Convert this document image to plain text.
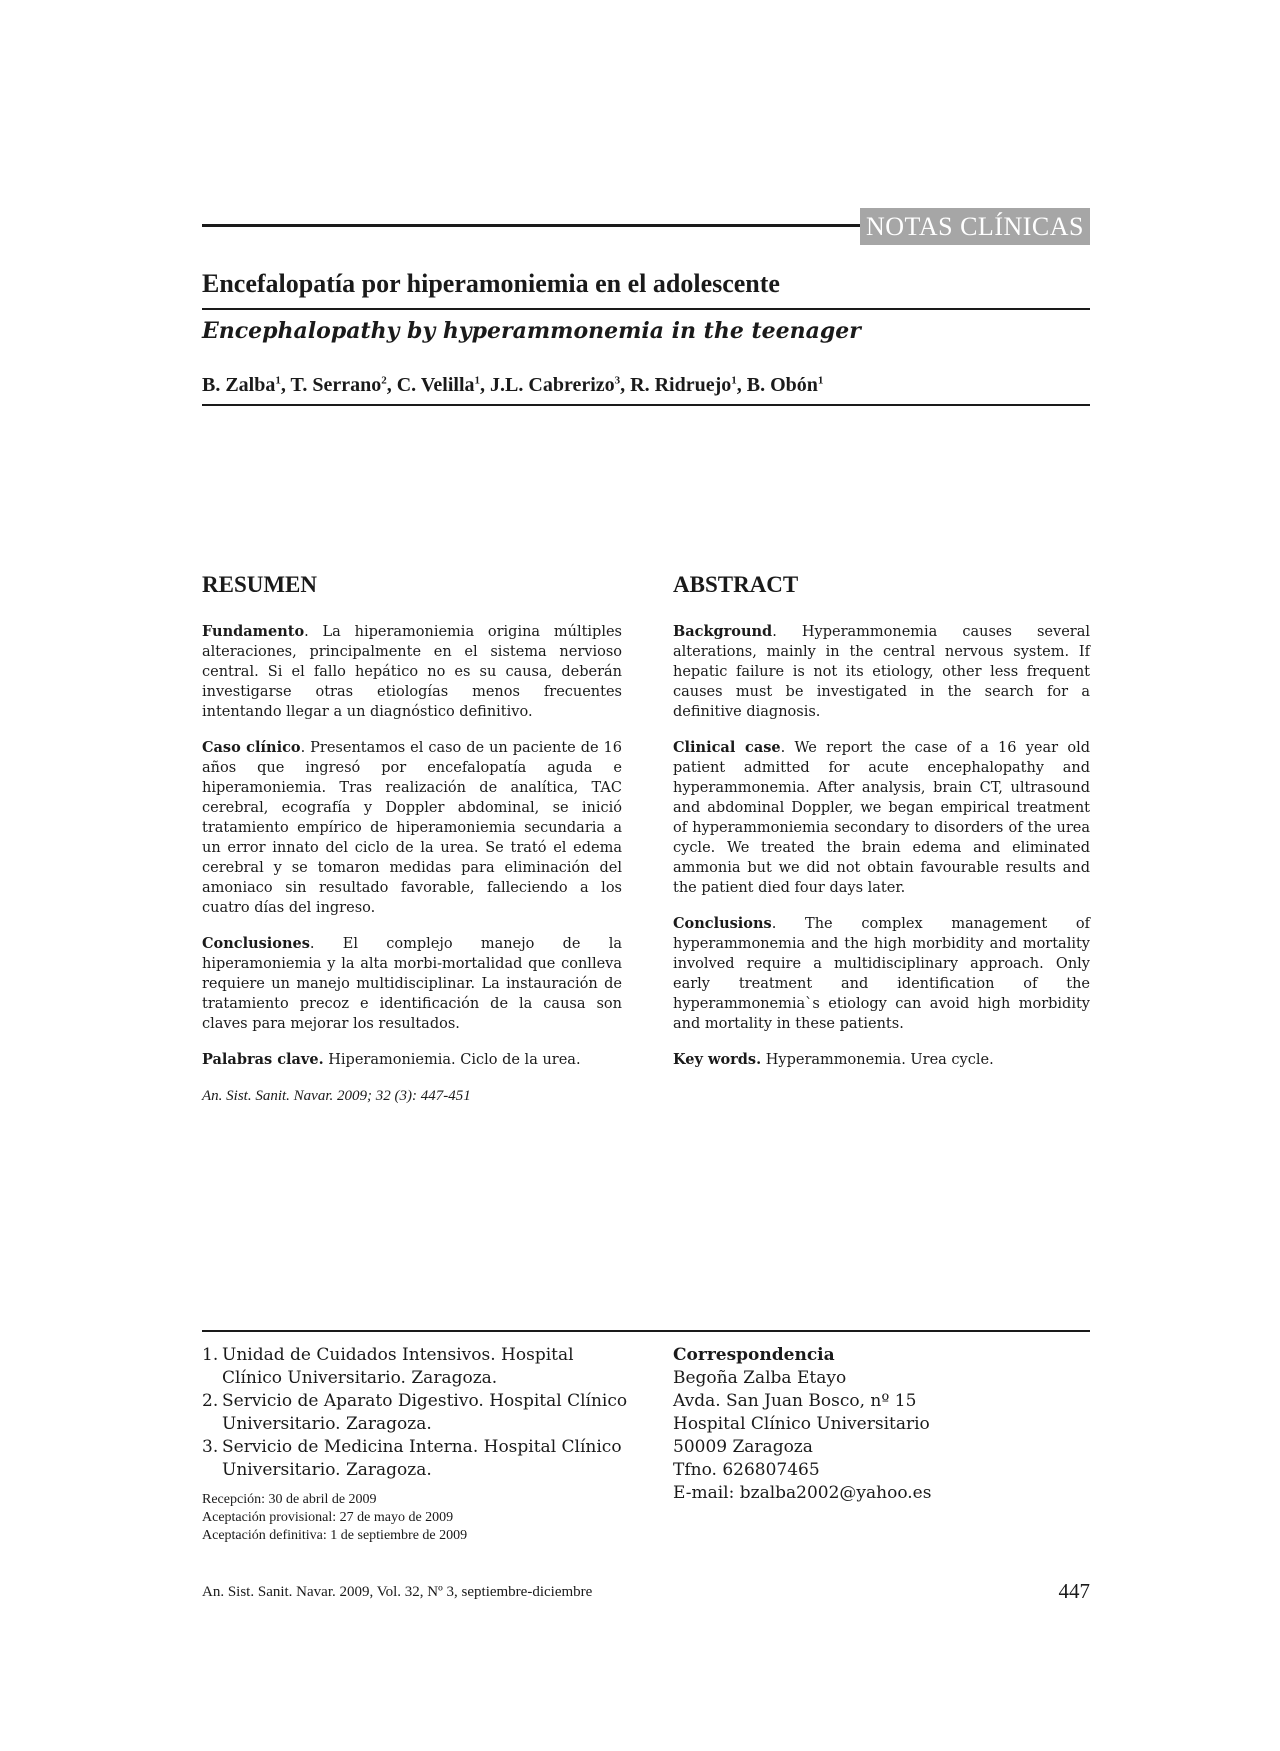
NOTAS CLÍNICAS
Encefalopatía por hiperamoniemia en el adolescente
Encephalopathy by hyperammonemia in the teenager
B. Zalba$^1$, T. Serrano$^2$, C. Velilla$^1$, J.L. Cabrerizo$^3$, R. Ridruejo$^1$, B. Obón$^1$
RESUMEN

Fundamento. La hiperamoniemia origina múltiples alteraciones, principalmente en el sistema nervioso central. Si el fallo hepático no es su causa, deberán investigarse otras etiologías menos frecuentes intentando llegar a un diagnóstico definitivo.

Caso clínico. Presentamos el caso de un paciente de 16 años que ingresó por encefalopatía aguda e hiperamoniemia. Tras realización de analítica, TAC cerebral, ecografía y Doppler abdominal, se inició tratamiento empírico de hiperamoniemia secundaria a un error innato del ciclo de la urea. Se trató el edema cerebral y se tomaron medidas para eliminación del amoniaco sin resultado favorable, falleciendo a los cuatro días del ingreso.

Conclusiones. El complejo manejo de la hiperamoniemia y la alta morbi-mortalidad que conlleva requiere un manejo multidisciplinar. La instauración de tratamiento precoz e identificación de la causa son claves para mejorar los resultados.

Palabras clave. Hiperamoniemia. Ciclo de la urea.

ABSTRACT

Background. Hyperammonemia causes several alterations, mainly in the central nervous system. If hepatic failure is not its etiology, other less frequent causes must be investigated in the search for a definitive diagnosis.

Clinical case. We report the case of a 16 year old patient admitted for acute encephalopathy and hyperammonemia. After analysis, brain CT, ultrasound and abdominal Doppler, we began empirical treatment of hyperammoniemia secondary to disorders of the urea cycle. We treated the brain edema and eliminated ammonia but we did not obtain favourable results and the patient died four days later.

Conclusions. The complex management of hyperammonemia and the high morbidity and mortality involved require a multidisciplinary approach. Only early treatment and identification of the hyperammonemia`s etiology can avoid high morbidity and mortality in these patients.

Key words. Hyperammonemia. Urea cycle.

An. Sist. Sanit. Navar. 2009; 32 (3): 447-451
1. Unidad de Cuidados Intensivos. Hospital Clínico Universitario. Zaragoza.
2. Servicio de Aparato Digestivo. Hospital Clínico Universitario. Zaragoza.
3. Servicio de Medicina Interna. Hospital Clínico Universitario. Zaragoza.
Recepción: 30 de abril de 2009
Aceptación provisional: 27 de mayo de 2009
Aceptación definitiva: 1 de septiembre de 2009
Correspondencia
Begoña Zalba Etayo
Avda. San Juan Bosco, nº 15
Hospital Clínico Universitario
50009 Zaragoza
Tfno. 626807465
E-mail: bzalba2002@yahoo.es
An. Sist. Sanit. Navar. 2009, Vol. 32, Nº 3, septiembre-diciembre	447
